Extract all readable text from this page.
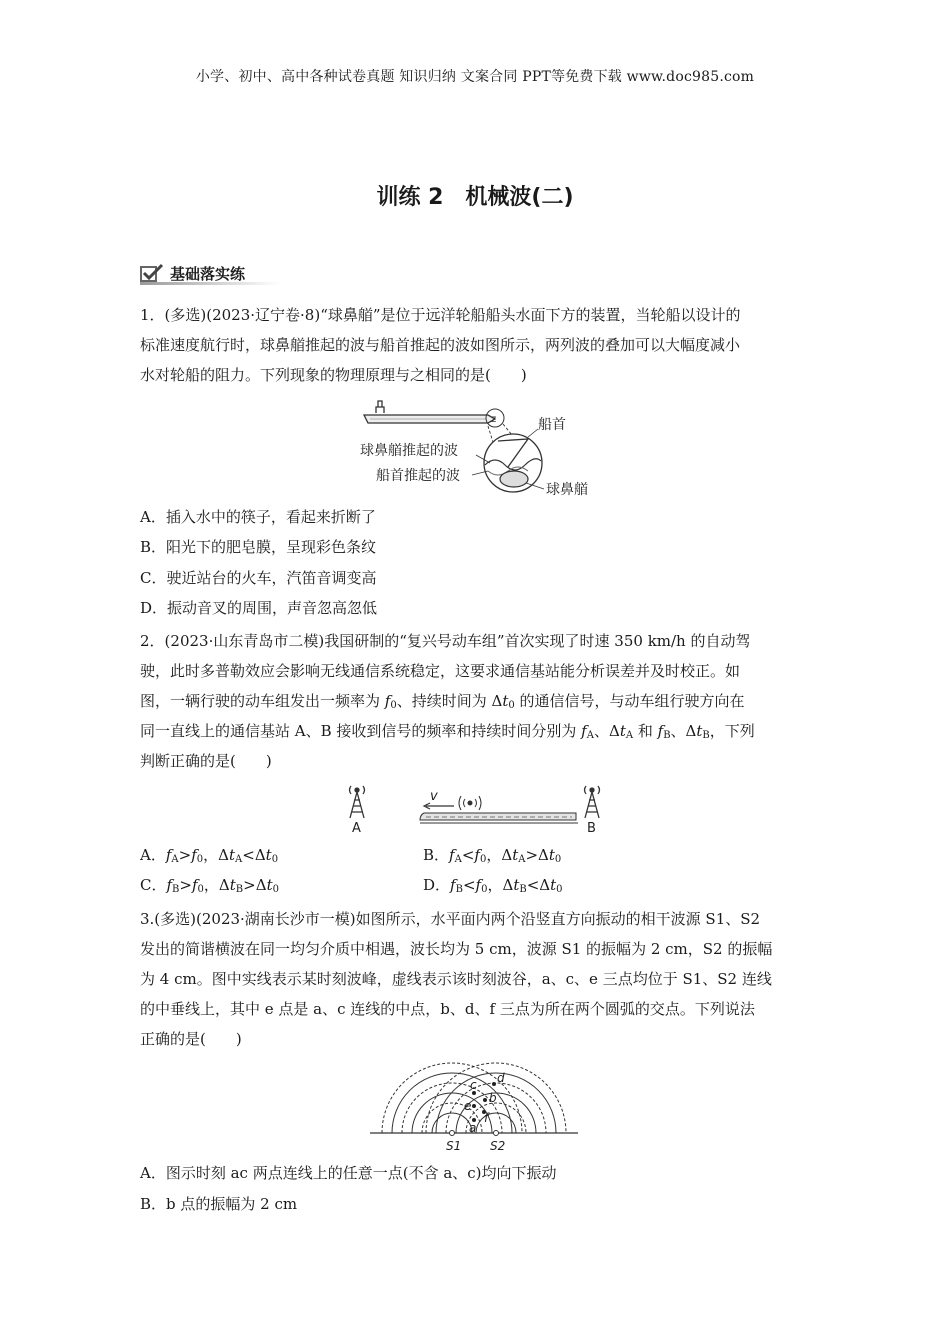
小学、初中、高中各种试卷真题 知识归纳 文案合同 PPT等免费下载 www.doc985.com
训练 2　机械波(二)
基础落实练
1．(多选)(2023·辽宁卷·8)“球鼻艏”是位于远洋轮船船头水面下方的装置，当轮船以设计的
标准速度航行时，球鼻艏推起的波与船首推起的波如图所示，两列波的叠加可以大幅度减小
水对轮船的阻力。下列现象的物理原理与之相同的是(　　)
z	船首
球鼻艏推起的波
船首推起的波
球鼻艏
A．插入水中的筷子，看起来折断了
B．阳光下的肥皂膜，呈现彩色条纹
C．驶近站台的火车，汽笛音调变高
D．振动音叉的周围，声音忽高忽低
2．(2023·山东青岛市二模)我国研制的“复兴号动车组”首次实现了时速 350 km/h 的自动驾
驶，此时多普勒效应会影响无线通信系统稳定，这要求通信基站能分析误差并及时校正。如
图，一辆行驶的动车组发出一频率为 $f_0$、持续时间为 $\Delta t_0$ 的通信信号，与动车组行驶方向在
同一直线上的通信基站 A、B 接收到信号的频率和持续时间分别为 $f_A$、$\Delta t_A$ 和 $f_B$、$\Delta t_B$，下列
判断正确的是(　　)
A
v
B
A．$f_A>f_0$，$\Delta t_A<\Delta t_0$	B．$f_A<f_0$，$\Delta t_A>\Delta t_0$
C．$f_B>f_0$，$\Delta t_B>\Delta t_0$	D．$f_B<f_0$，$\Delta t_B<\Delta t_0$
3.(多选)(2023·湖南长沙市一模)如图所示，水平面内两个沿竖直方向振动的相干波源 S1、S2
发出的简谐横波在同一均匀介质中相遇，波长均为 5 cm，波源 S1 的振幅为 2 cm，S2 的振幅
为 4 cm。图中实线表示某时刻波峰，虚线表示该时刻波谷，a、c、e 三点均位于 S1、S2 连线
的中垂线上，其中 e 点是 a、c 连线的中点，b、d、f 三点为所在两个圆弧的交点。下列说法
正确的是(　　)
S1 S2
a
c
e
b
d
f
A．图示时刻 ac 两点连线上的任意一点(不含 a、c)均向下振动
B．b 点的振幅为 2 cm
